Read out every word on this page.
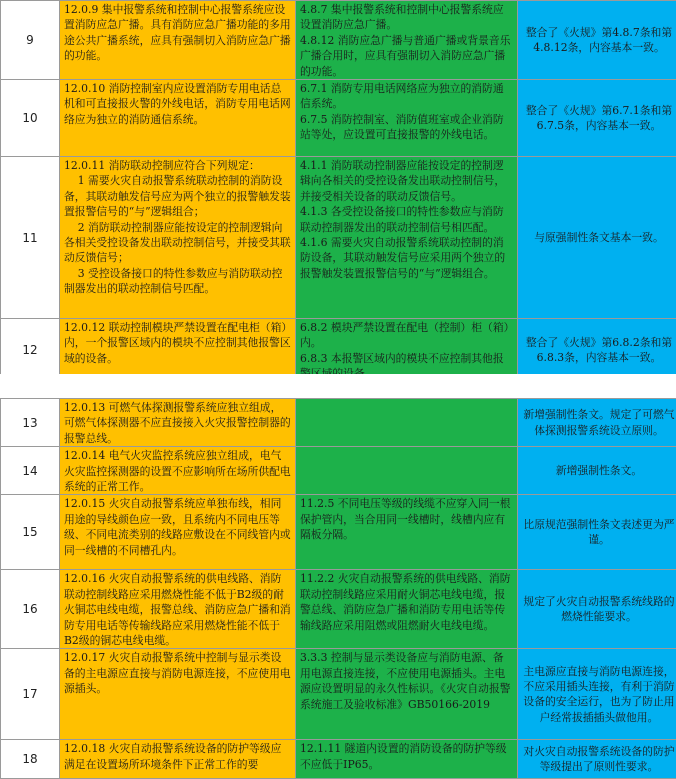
9	12.0.9 集中报警系统和控制中心报警系统应设置消防应急广播。具有消防应急广播功能的多用途公共广播系统，应具有强制切入消防应急广播的功能。	4.8.7 集中报警系统和控制中心报警系统应设置消防应急广播。
4.8.12 消防应急广播与普通广播或背景音乐广播合用时，应具有强制切入消防应急广播的功能。	整合了《火规》第4.8.7条和第4.8.12条，内容基本一致。

10	12.0.10 消防控制室内应设置消防专用电话总机和可直接报火警的外线电话，消防专用电话网络应为独立的消防通信系统。	6.7.1 消防专用电话网络应为独立的消防通信系统。
6.7.5 消防控制室、消防值班室或企业消防站等处，应设置可直接报警的外线电话。	整合了《火规》第6.7.1条和第6.7.5条，内容基本一致。

11	12.0.11 消防联动控制应符合下列规定：
1 需要火灾自动报警系统联动控制的消防设备，其联动触发信号应为两个独立的报警触发装置报警信号的“与”逻辑组合；
2 消防联动控制器应能按设定的控制逻辑向各相关受控设备发出联动控制信号，并接受其联动反馈信号；
3 受控设备接口的特性参数应与消防联动控制器发出的联动控制信号匹配。	4.1.1 消防联动控制器应能按设定的控制逻辑向各相关的受控设备发出联动控制信号，并接受相关设备的联动反馈信号。
4.1.3 各受控设备接口的特性参数应与消防联动控制器发出的联动控制信号相匹配。
4.1.6 需要火灾自动报警系统联动控制的消防设备，其联动触发信号应采用两个独立的报警触发装置报警信号的“与”逻辑组合。	与原强制性条文基本一致。

12	12.0.12 联动控制模块严禁设置在配电柜（箱）内，一个报警区域内的模块不应控制其他报警区域的设备。	6.8.2 模块严禁设置在配电（控制）柜（箱）内。
6.8.3 本报警区域内的模块不应控制其他报	整合了《火规》第6.8.2条和第6.8.3条，内容基本一致。
13	12.0.13 可燃气体探测报警系统应独立组成，可燃气体探测器不应直接接入火灾报警控制器的报警总线。		新增强制性条文。规定了可燃气体探测报警系统设立原则。

14	12.0.14 电气火灾监控系统应独立组成，电气火灾监控探测器的设置不应影响所在场所供配电系统的正常工作。		新增强制性条文。

15	12.0.15 火灾自动报警系统应单独布线，相同用途的导线颜色应一致，且系统内不同电压等级、不同电流类别的线路应敷设在不同线管内或同一线槽的不同槽孔内。	11.2.5 不同电压等级的线缆不应穿入同一根保护管内，当合用同一线槽时，线槽内应有隔板分隔。	比原规范强制性条文表述更为严谨。

16	12.0.16 火灾自动报警系统的供电线路、消防联动控制线路应采用燃烧性能不低于B2级的耐火铜芯电线电缆，报警总线、消防应急广播和消防专用电话等传输线路应采用燃烧性能不低于B2级的铜芯电线电缆。	11.2.2 火灾自动报警系统的供电线路、消防联动控制线路应采用耐火铜芯电线电缆，报警总线、消防应急广播和消防专用电话等传输线路应采用阻燃或阻燃耐火电线电缆。	规定了火灾自动报警系统线路的燃烧性能要求。

17	12.0.17 火灾自动报警系统中控制与显示类设备的主电源应直接与消防电源连接，不应使用电源插头。	3.3.3 控制与显示类设备应与消防电源、备用电源直接连接，不应使用电源插头。主电源应设置明显的永久性标识。《火灾自动报警系统施工及验收标准》GB50166-2019	主电源应直接与消防电源连接，不应采用插头连接，有利于消防设备的安全运行，也为了防止用户经常拔插插头做他用。

18	12.0.18 火灾自动报警系统设备的防护等级应满足在设置场所环境条件下正常工作的要	12.1.11 隧道内设置的消防设备的防护等级不应低于IP65。	对火灾自动报警系统设备的防护等级提出了原则性要求。
